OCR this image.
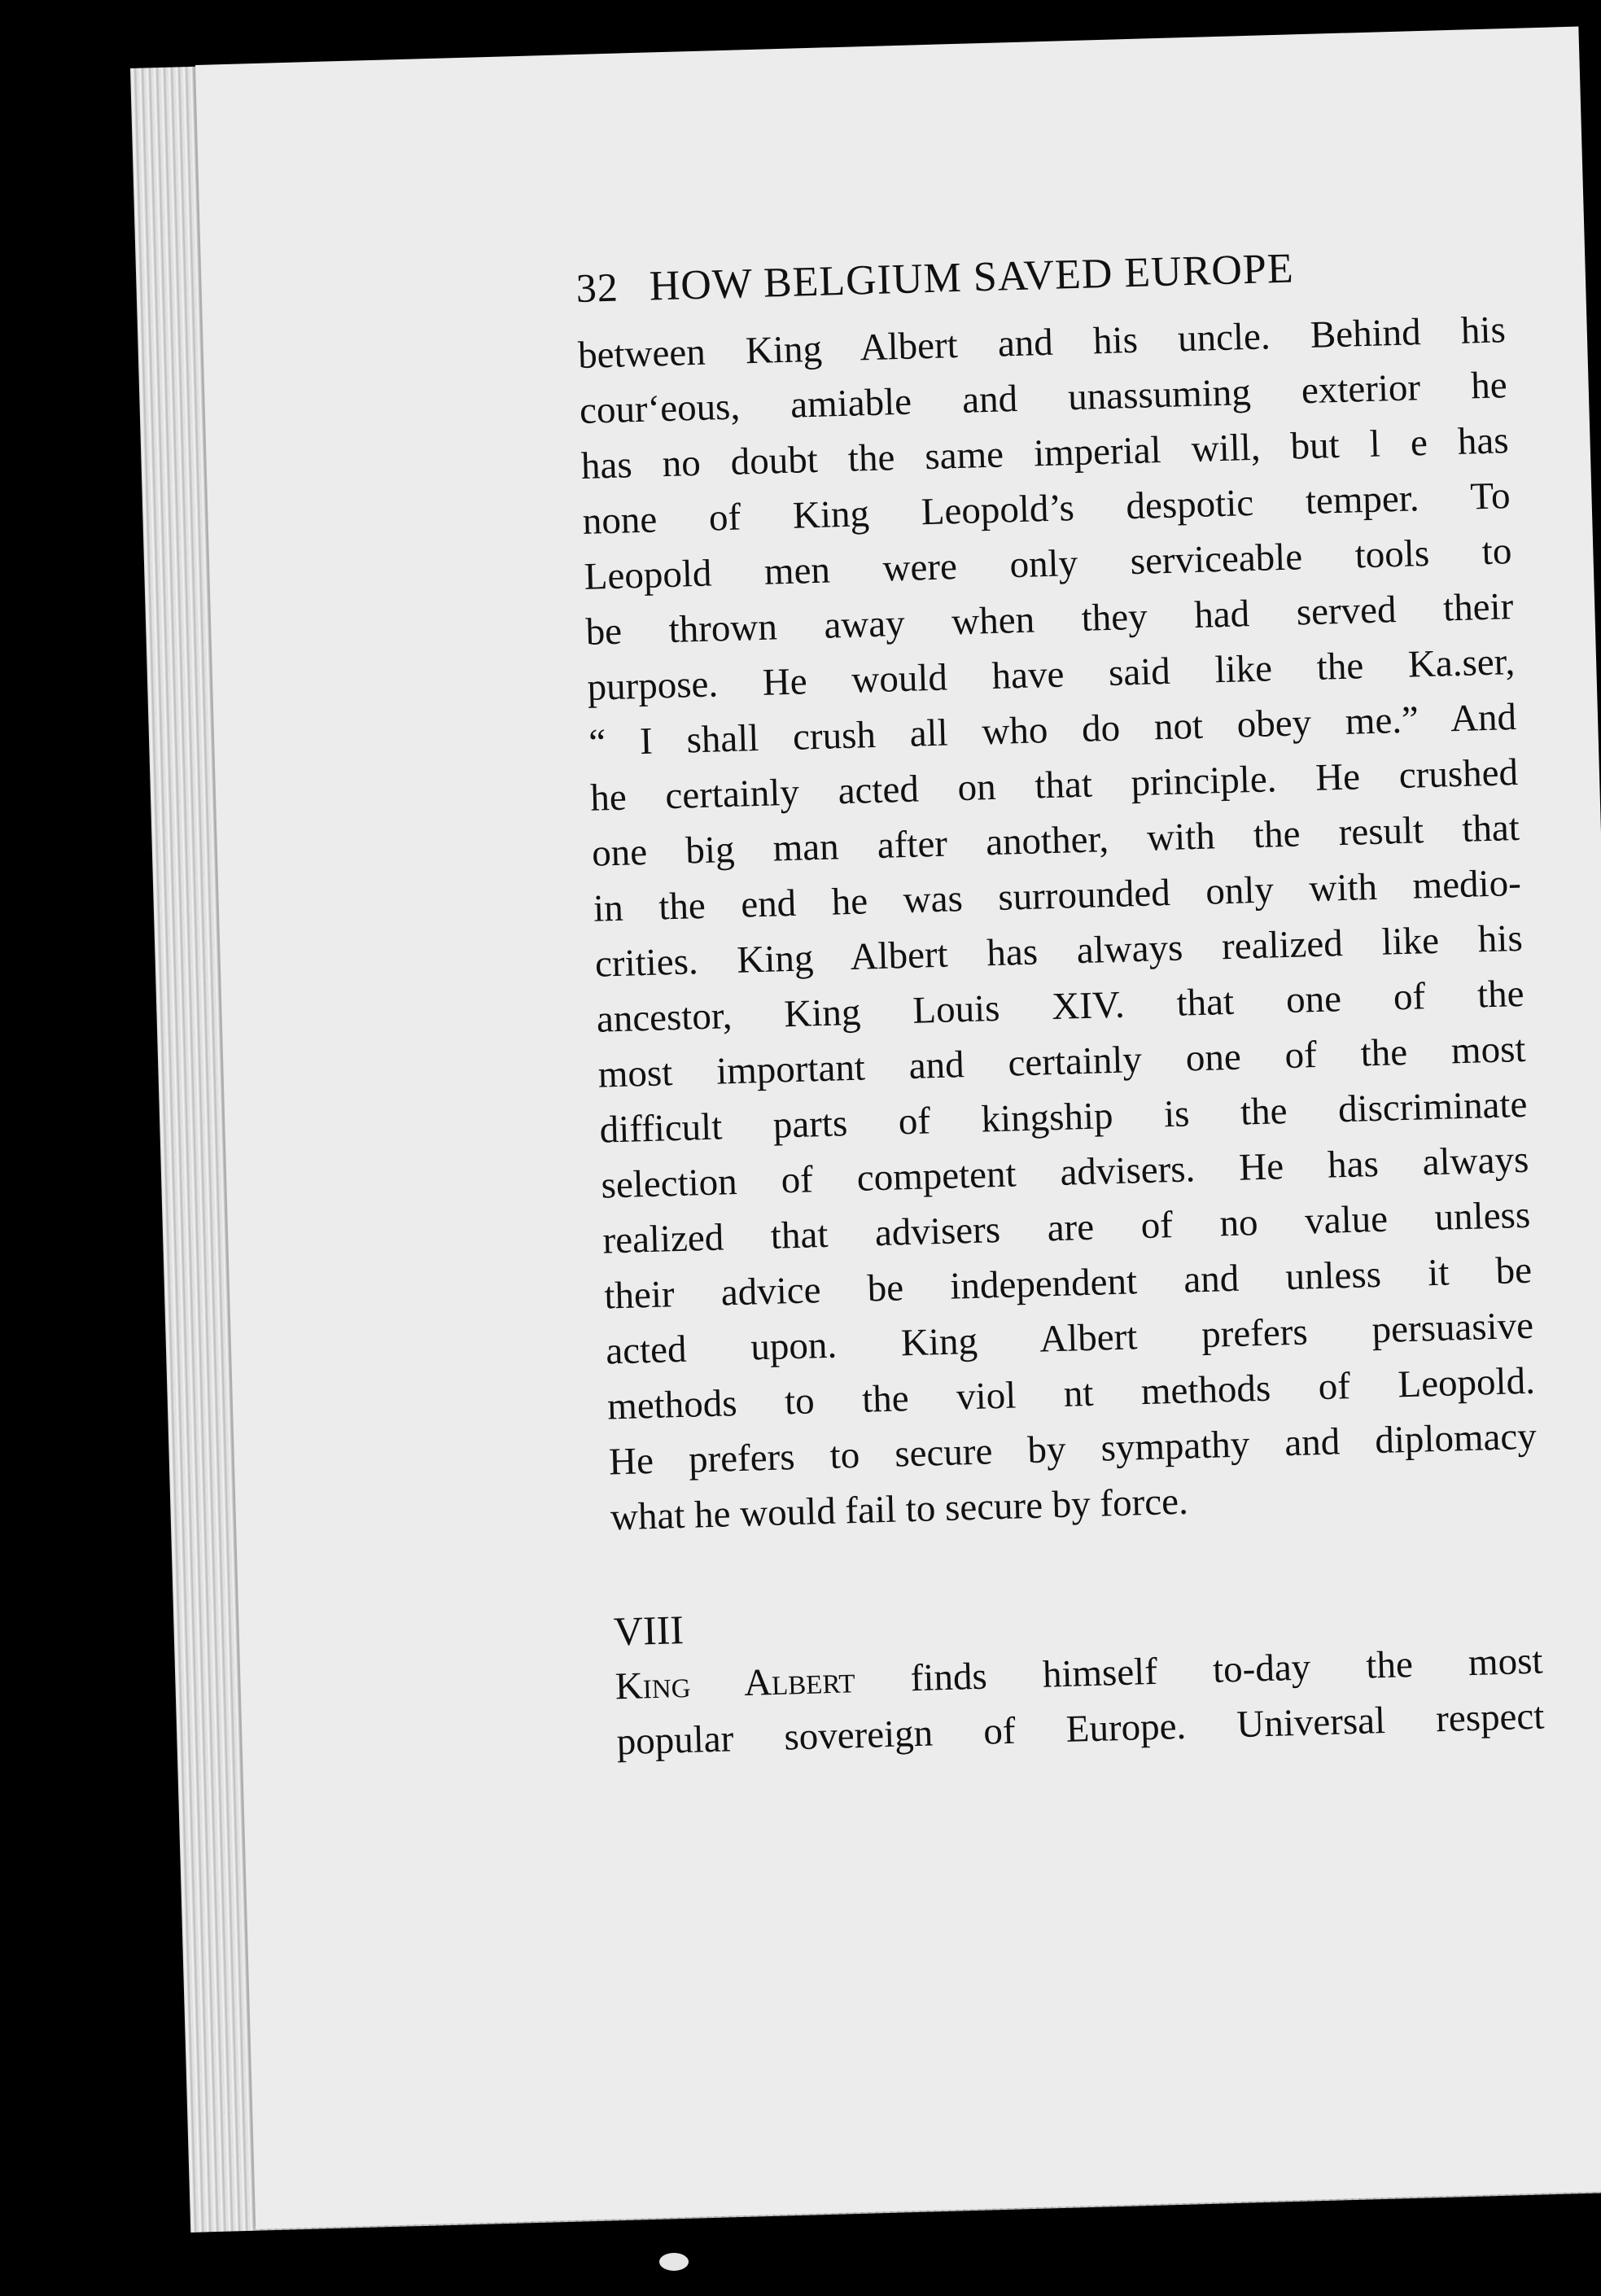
32 HOW BELGIUM SAVED EUROPE
between King Albert and his uncle. Behind his
cour‘eous, amiable and unassuming exterior he
has no doubt the same imperial will, but l e has
none of King Leopold’s despotic temper. To
Leopold men were only serviceable tools to
be thrown away when they had served their
purpose. He would have said like the Ka.ser,
“ I shall crush all who do not obey me.” And
he certainly acted on that principle. He crushed
one big man after another, with the result that
in the end he was surrounded only with medio-
crities. King Albert has always realized like his
ancestor, King Louis XIV. that one of the
most important and certainly one of the most
difficult parts of kingship is the discriminate
selection of competent advisers. He has always
realized that advisers are of no value unless
their advice be independent and unless it be
acted upon. King Albert prefers persuasive
methods to the viol nt methods of Leopold.
He prefers to secure by sympathy and diplomacy
what he would fail to secure by force.
VIII
King Albert finds himself to-day the most
popular sovereign of Europe. Universal respect
